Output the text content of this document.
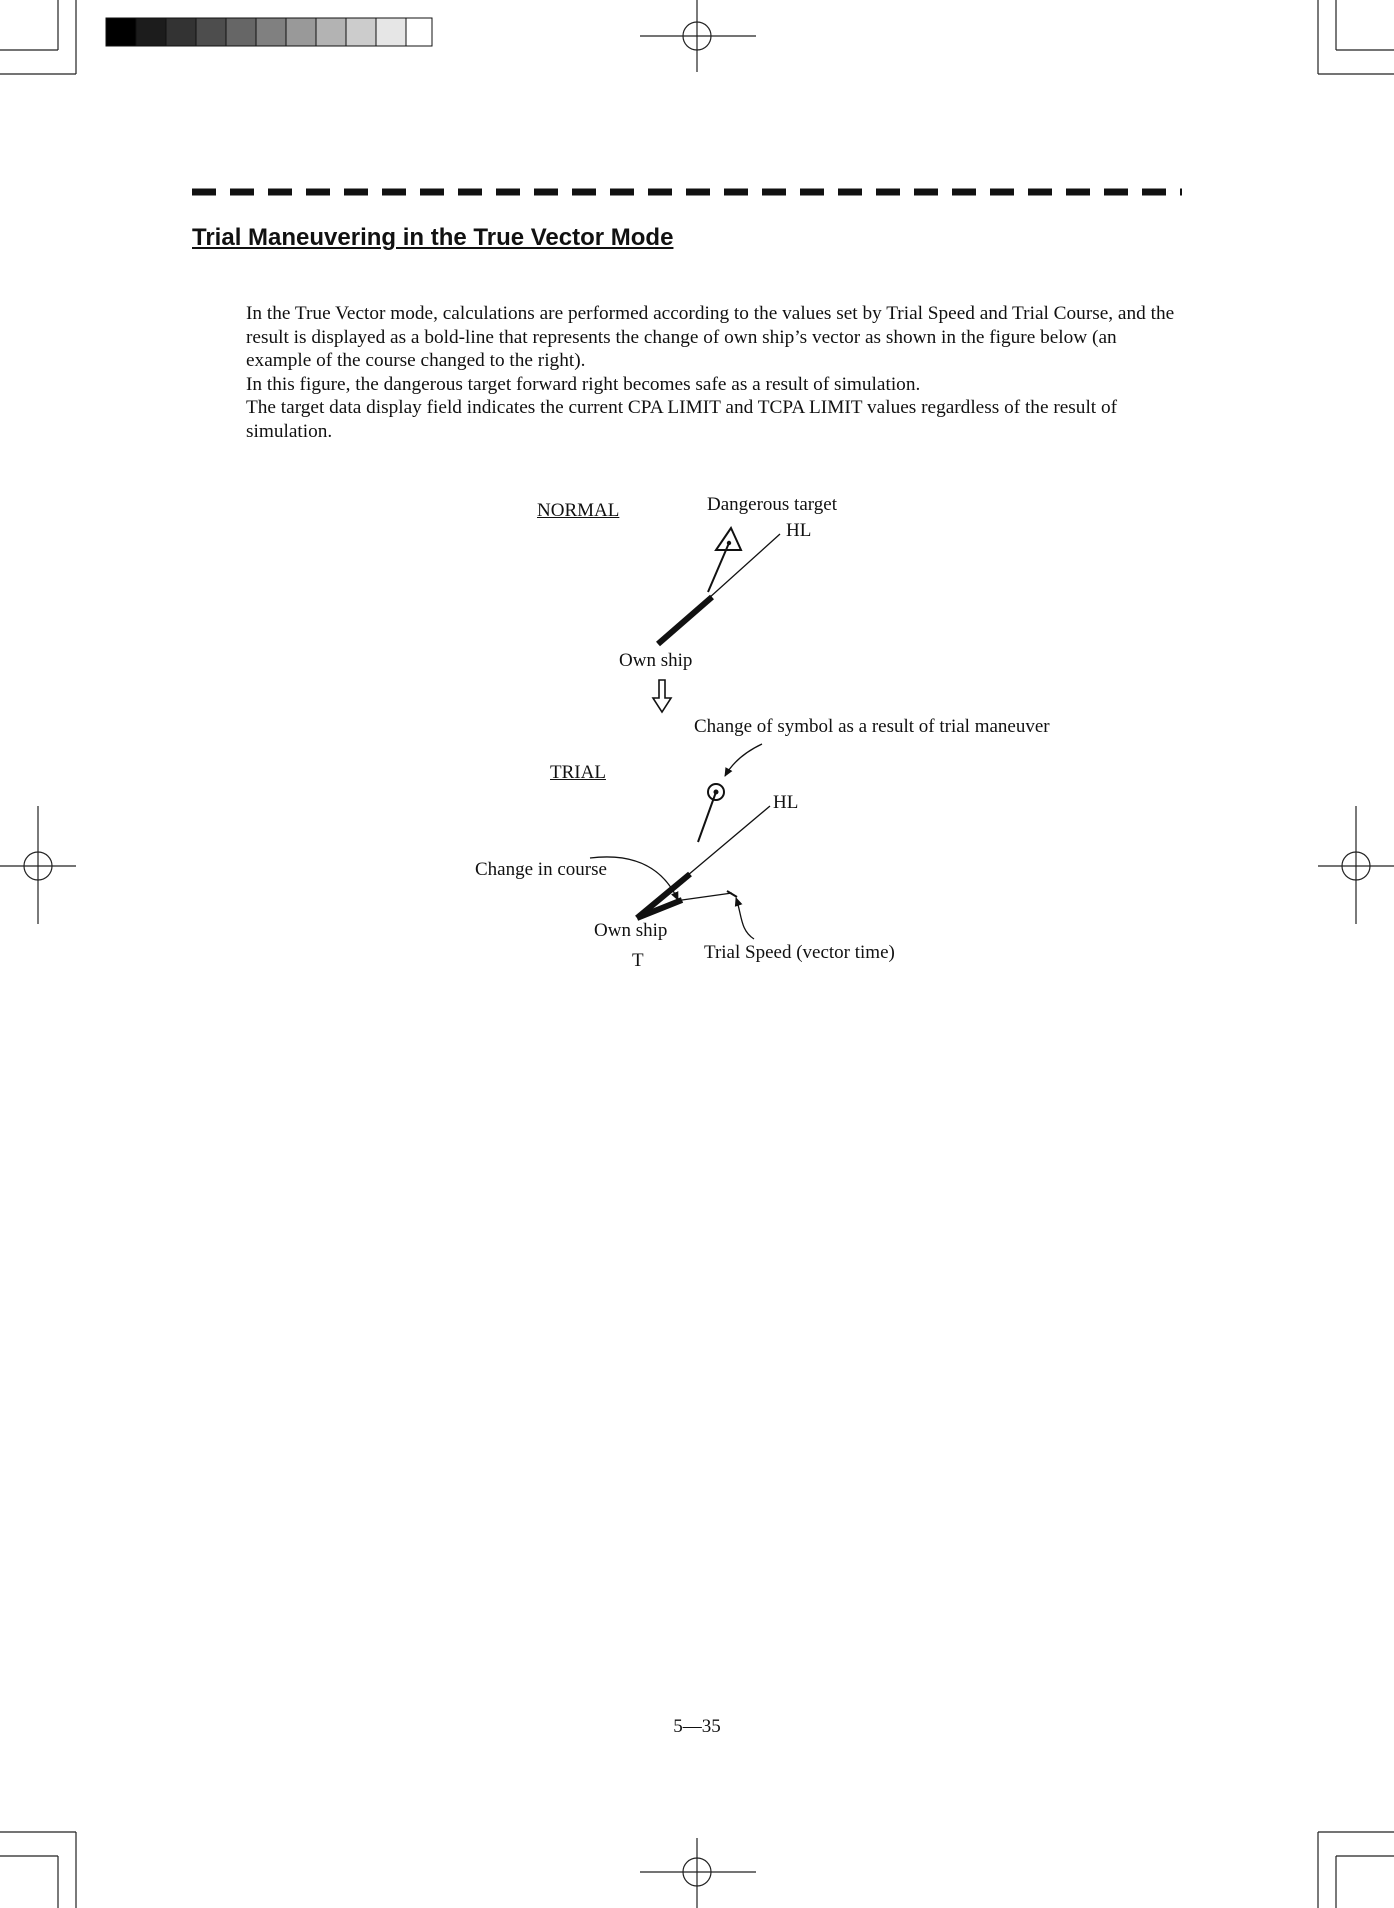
Trial Maneuvering in the True Vector Mode

In the True Vector mode, calculations are performed according to the values set by Trial Speed and Trial Course, and the result is displayed as a bold-line that represents the change of own ship’s vector as shown in the figure below (an example of the course changed to the right).

In this figure, the dangerous target forward right becomes safe as a result of simulation.

The target data display field indicates the current CPA LIMIT and TCPA LIMIT values regardless of the result of simulation.

NORMAL	Dangerous target
HL
Own ship
Change of symbol as a result of trial maneuver
TRIAL
HL
Change in course
Own ship
Trial Speed (vector time)
T
5—35
